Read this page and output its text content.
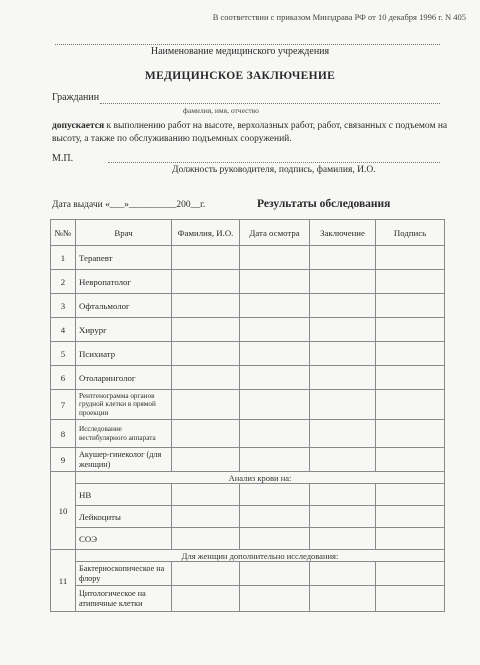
В соответствии с приказом Минздрава РФ от 10 декабря 1996 г. N 405
Наименование медицинского учреждения
МЕДИЦИНСКОЕ ЗАКЛЮЧЕНИЕ
Гражданин
фамилия, имя, отчество
допускается к выполнению работ на высоте, верхолазных работ, работ, связанных с подъемом на высоту, а также по обслуживанию подъемных сооружений.
М.П.
Должность руководителя, подпись, фамилия, И.О.
Дата выдачи «___»__________200__г.	Результаты обследования
№№	Врач	Фамилия, И.О.	Дата осмотра	Заключение	Подпись
1	Терапевт				
2	Невропатолог				
3	Офтальмолог				
4	Хирург				
5	Психиатр				
6	Отоларинголог				
7	Рентгенограмма органов грудной клетки в прямой проекции				
8	Исследование вестибулярного аппарата				
9	Акушер-гинеколог (для женщин)				
10	Анализ крови на:				
	НВ				
	Лейкоциты				
	СОЭ				
11	Для женщин дополнительно исследования:				
	Бактериоскопическое на флору				
	Цитологическое на атипичные клетки				
